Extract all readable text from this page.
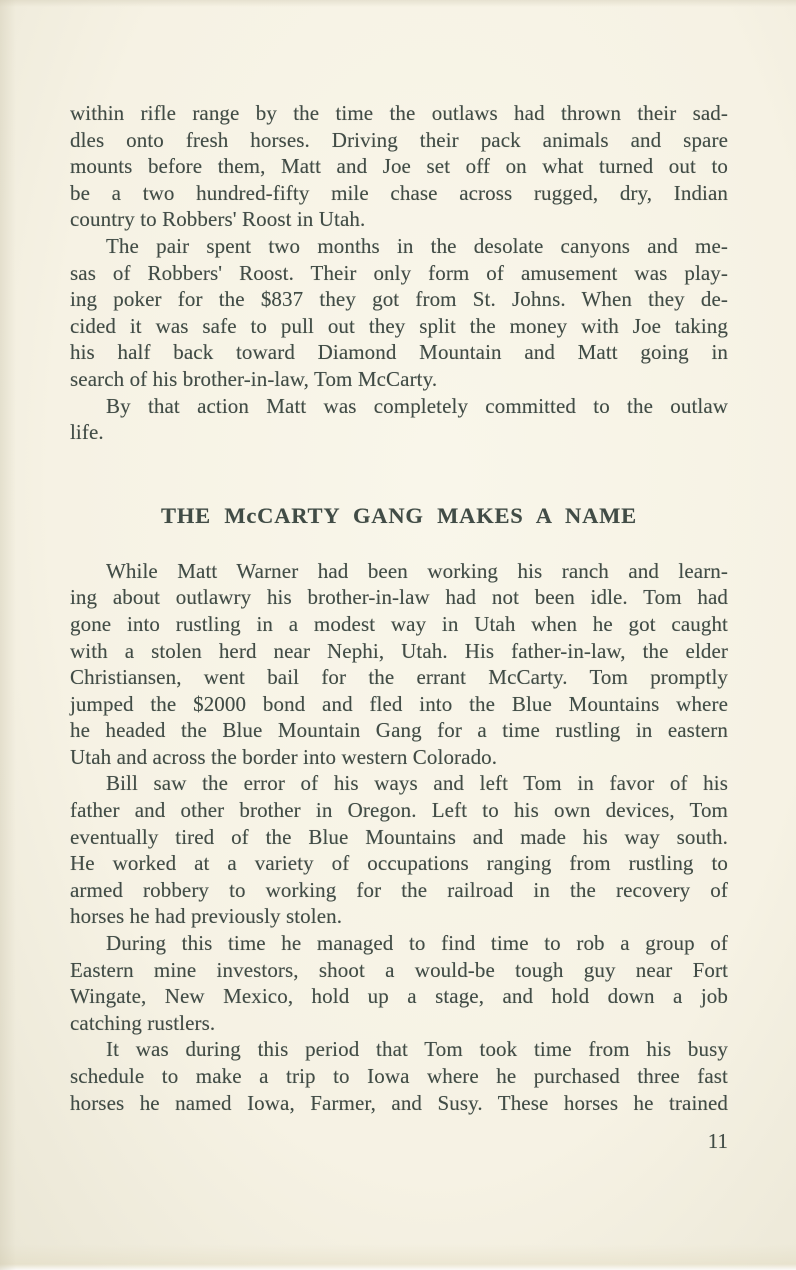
within rifle range by the time the outlaws had thrown their sad-
dles onto fresh horses. Driving their pack animals and spare
mounts before them, Matt and Joe set off on what turned out to
be a two hundred-fifty mile chase across rugged, dry, Indian
country to Robbers' Roost in Utah.
The pair spent two months in the desolate canyons and me-
sas of Robbers' Roost. Their only form of amusement was play-
ing poker for the $837 they got from St. Johns. When they de-
cided it was safe to pull out they split the money with Joe taking
his half back toward Diamond Mountain and Matt going in
search of his brother-in-law, Tom McCarty.
By that action Matt was completely committed to the outlaw
life.
THE McCARTY GANG MAKES A NAME
While Matt Warner had been working his ranch and learn-
ing about outlawry his brother-in-law had not been idle. Tom had
gone into rustling in a modest way in Utah when he got caught
with a stolen herd near Nephi, Utah. His father-in-law, the elder
Christiansen, went bail for the errant McCarty. Tom promptly
jumped the $2000 bond and fled into the Blue Mountains where
he headed the Blue Mountain Gang for a time rustling in eastern
Utah and across the border into western Colorado.
Bill saw the error of his ways and left Tom in favor of his
father and other brother in Oregon. Left to his own devices, Tom
eventually tired of the Blue Mountains and made his way south.
He worked at a variety of occupations ranging from rustling to
armed robbery to working for the railroad in the recovery of
horses he had previously stolen.
During this time he managed to find time to rob a group of
Eastern mine investors, shoot a would-be tough guy near Fort
Wingate, New Mexico, hold up a stage, and hold down a job
catching rustlers.
It was during this period that Tom took time from his busy
schedule to make a trip to Iowa where he purchased three fast
horses he named Iowa, Farmer, and Susy. These horses he trained
11
